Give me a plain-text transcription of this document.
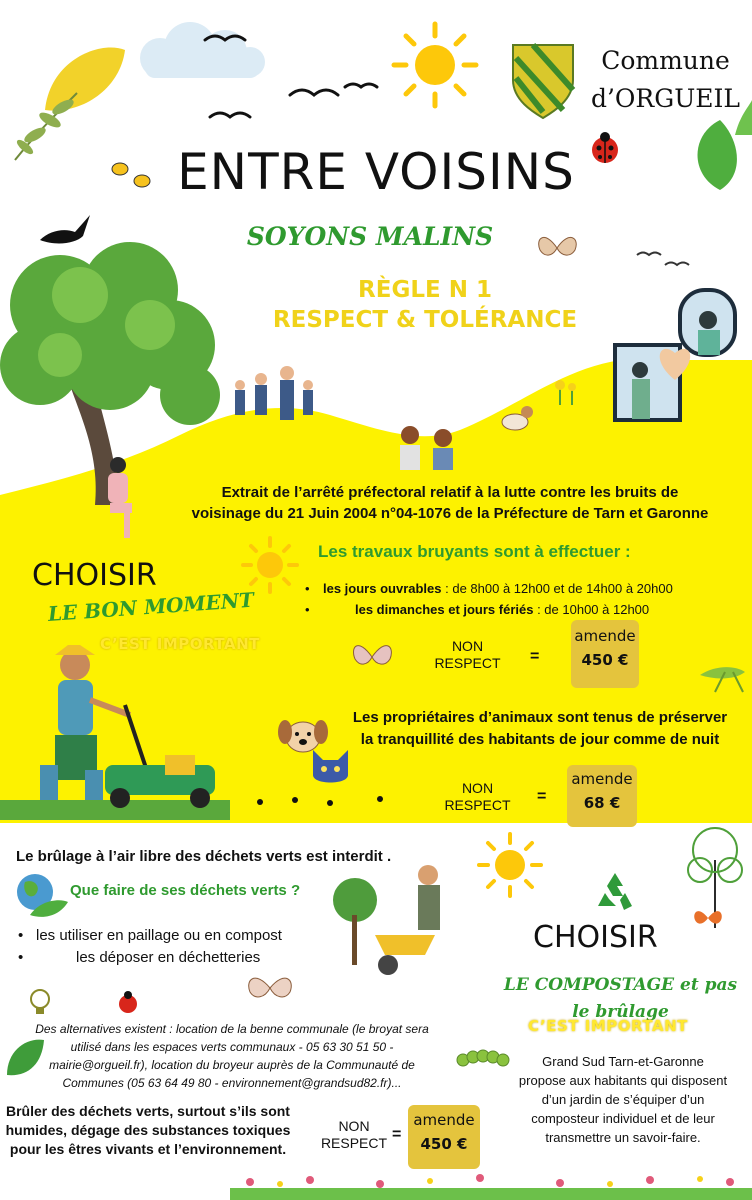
Commune
d’ORGUEIL
ENTRE VOISINS
SOYONS MALINS
RÈGLE N 1
RESPECT & TOLÉRANCE
Extrait de l’arrêté préfectoral relatif à la lutte contre les bruits de
voisinage du 21 Juin 2004 n°04-1076 de la Préfecture de Tarn et Garonne
CHOISIR
LE BON MOMENT
C’EST IMPORTANT
Les travaux bruyants sont à effectuer :
• les jours ouvrables : de 8h00 à 12h00 et de 14h00 à 20h00
• les dimanches et jours fériés : de 10h00 à 12h00
NON
RESPECT	=
amende
450 €
Les propriétaires d’animaux sont tenus de préserver
la tranquillité des habitants de jour comme de nuit
NON
RESPECT	=
amende
68 €
Le brûlage à l’air libre des déchets verts est interdit .
Que faire de ses déchets verts ?
• les utiliser en paillage ou en compost
• les déposer en déchetteries
Des alternatives existent : location de la benne communale (le broyat sera
utilisé dans les espaces verts communaux - 05 63 30 51 50 -
mairie@orgueil.fr), location du broyeur auprès de la Communauté de
Communes (05 63 64 49 80 - environnement@grandsud82.fr)...
Brûler des déchets verts, surtout s’ils sont
humides, dégage des substances toxiques
pour les êtres vivants et l’environnement.
NON
RESPECT =
amende
450 €
CHOISIR
LE COMPOSTAGE et pas
le brûlage
C’EST IMPORTANT
Grand Sud Tarn-et-Garonne
propose aux habitants qui disposent
d’un jardin de s’équiper d’un
composteur individuel et de leur
transmettre un savoir-faire.
